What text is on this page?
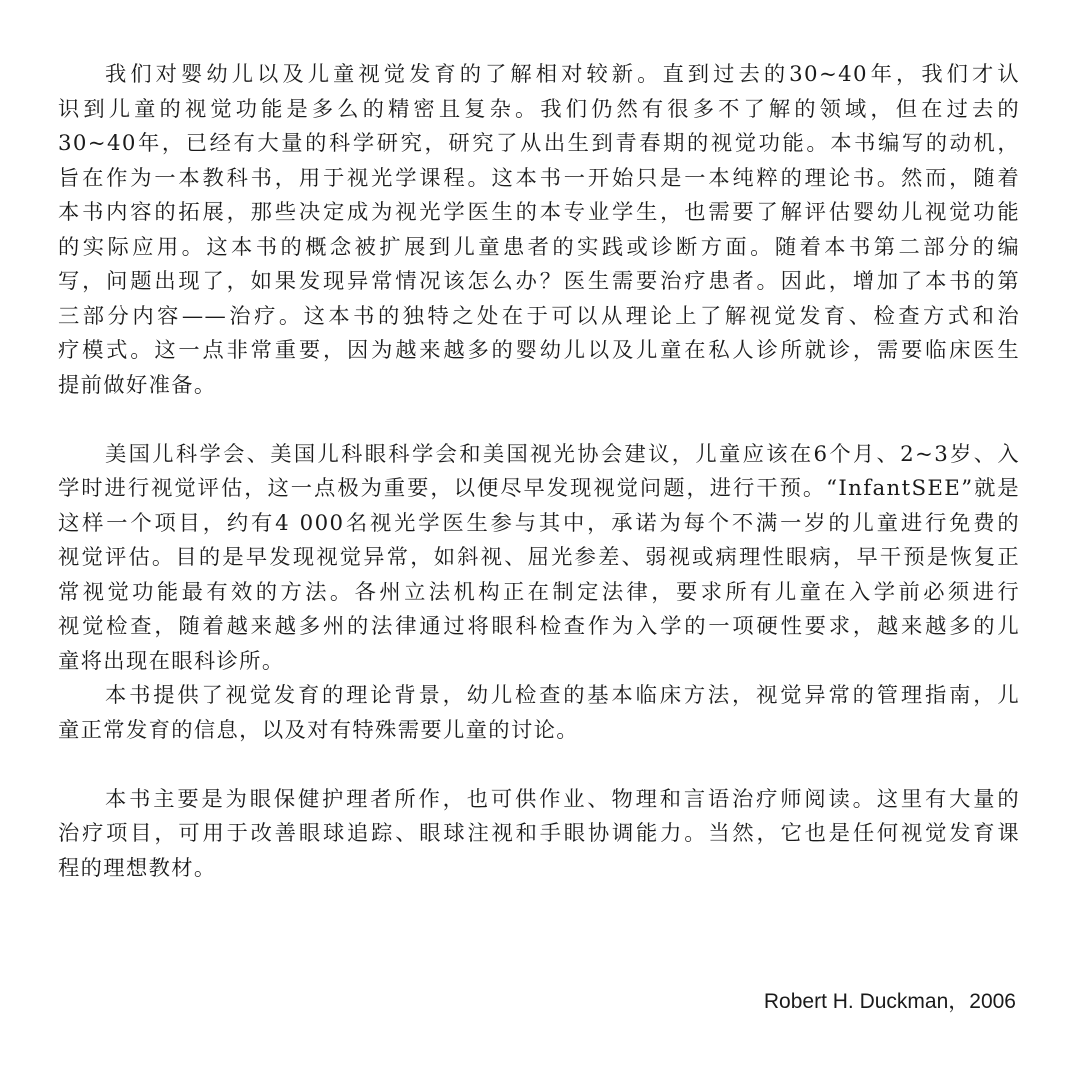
我们对婴幼儿以及儿童视觉发育的了解相对较新。直到过去的30~40年，我们才认
识到儿童的视觉功能是多么的精密且复杂。我们仍然有很多不了解的领域，但在过去的
30~40年，已经有大量的科学研究，研究了从出生到青春期的视觉功能。本书编写的动机，
旨在作为一本教科书，用于视光学课程。这本书一开始只是一本纯粹的理论书。然而，随着
本书内容的拓展，那些决定成为视光学医生的本专业学生，也需要了解评估婴幼儿视觉功能
的实际应用。这本书的概念被扩展到儿童患者的实践或诊断方面。随着本书第二部分的编
写，问题出现了，如果发现异常情况该怎么办？医生需要治疗患者。因此，增加了本书的第
三部分内容——治疗。这本书的独特之处在于可以从理论上了解视觉发育、检查方式和治
疗模式。这一点非常重要，因为越来越多的婴幼儿以及儿童在私人诊所就诊，需要临床医生
提前做好准备。
美国儿科学会、美国儿科眼科学会和美国视光协会建议，儿童应该在6个月、2~3岁、入
学时进行视觉评估，这一点极为重要，以便尽早发现视觉问题，进行干预。“InfantSEE”就是
这样一个项目，约有4 000名视光学医生参与其中，承诺为每个不满一岁的儿童进行免费的
视觉评估。目的是早发现视觉异常，如斜视、屈光参差、弱视或病理性眼病，早干预是恢复正
常视觉功能最有效的方法。各州立法机构正在制定法律，要求所有儿童在入学前必须进行
视觉检查，随着越来越多州的法律通过将眼科检查作为入学的一项硬性要求，越来越多的儿
童将出现在眼科诊所。
本书提供了视觉发育的理论背景，幼儿检查的基本临床方法，视觉异常的管理指南，儿
童正常发育的信息，以及对有特殊需要儿童的讨论。
本书主要是为眼保健护理者所作，也可供作业、物理和言语治疗师阅读。这里有大量的
治疗项目，可用于改善眼球追踪、眼球注视和手眼协调能力。当然，它也是任何视觉发育课
程的理想教材。
Robert H. Duckman，2006
